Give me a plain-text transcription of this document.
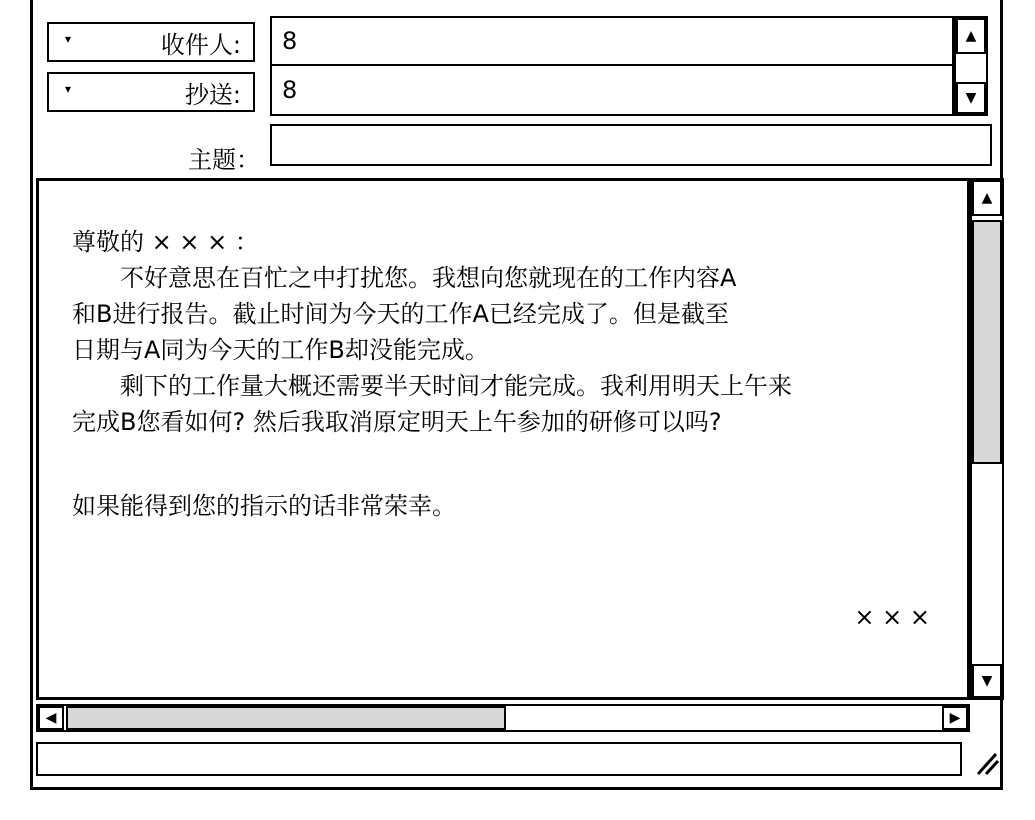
▾	收件人: 8
▾	抄送: 8
▲
▼
主题：
尊敬的 × × × ：
　　不好意思在百忙之中打扰您。我想向您就现在的工作内容A
和B进行报告。截止时间为今天的工作A已经完成了。但是截至
日期与A同为今天的工作B却没能完成。
　　剩下的工作量大概还需要半天时间才能完成。我利用明天上午来
完成B您看如何? 然后我取消原定明天上午参加的研修可以吗?
如果能得到您的指示的话非常荣幸。
× × ×
▲
▼
◀	▶
